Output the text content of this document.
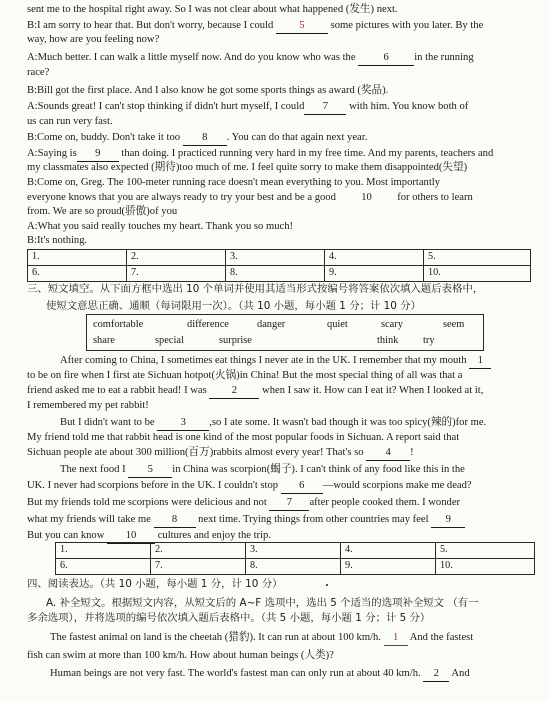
sent me to the hospital right away. So I was not clear about what happened (发生) next.

B:I am sorry to hear that. But don't worry, because I could 5 some pictures with you later. By the

way, how are you feeling now?

A:Much better. I can walk a little myself now. And do you know who was the	6 in the running

race?

B:Bill got the first place. And I also know he got some sports things as award (奖品).

A:Sounds great! I can't stop thinking if didn't hurt myself, I could 7 with him. You know both of

us can run very fast.

B:Come on, buddy. Don't take it too 8 . You can do that again next year.

A:Saying is 9 than doing. I practiced running very hard in my free time. And my parents, teachers and

my classmates also expected (期待)too much of me. I feel quite sorry to make them disappointed(失望)

B:Come on, Greg. The 100-meter running race doesn't mean everything to you. Most importantly

everyone knows that you are always ready to try your best and be a good 10 for others to learn

from. We are so proud(骄傲)of you

A:What you said really touches my heart. Thank you so much!

B:It's nothing.

1.	2.	3.	4.	5.
6.	7.	8.	9.	10.

三、短文填空。从下面方框中选出 10 个单词并使用其适当形式按编号将答案依次填入题后表格中，

使短文意思正确、通顺（每词限用一次）。（共 10 小题，每小题 1 分；计 10 分）

comfortable	difference	danger	quiet	scary	seem
share	special	surprise	think try

After coming to China, I sometimes eat things I never ate in the UK. I remember that my mouth 1

to be on fire when I first ate Sichuan hotpot(火锅)in China! But the most special thing of all was that a

friend asked me to eat a rabbit head! I was 2 when I saw it. How can I eat it? When I looked at it,

I remembered my pet rabbit!

But I didn't want to be 3 ,so I ate some. It wasn't bad though it was too spicy(辣的)for me.

My friend told me that rabbit head is one kind of the most popular foods in Sichuan. A report said that

Sichuan people ate about 300 million(百万)rabbits almost every year! That's so 4 !

The next food I 5 in China was scorpion(蝎子). I can't think of any food like this in the

UK. I never had scorpions before in the UK. I couldn't stop 6 —would scorpions make me dead?

But my friends told me scorpions were delicious and not 7 after people cooked them. I wonder

what my friends will take me 8 next time. Trying things from other countries may feel 9

But you can know 10 cultures and enjoy the trip.

1.	2.	3.	4.	5.
6.	7.	8.	9.	10.

四、阅读表达。（共 10 小题，每小题 1 分，计 10 分）

A. 补全短文。根据短文内容，从短文后的 A~F 选项中，选出 5 个适当的选项补全短文 （有一

多余选项），并将选项的编号依次填入题后表格中。（共 5 小题，每小题 1 分；计 5 分）

The fastest animal on land is the cheetah (猎豹). It can run at about 100 km/h. 1 And the fastest

fish can swim at more than 100 km/h. How about human beings (人类)?

Human beings are not very fast. The world's fastest man can only run at about 40 km/h. 2 And
